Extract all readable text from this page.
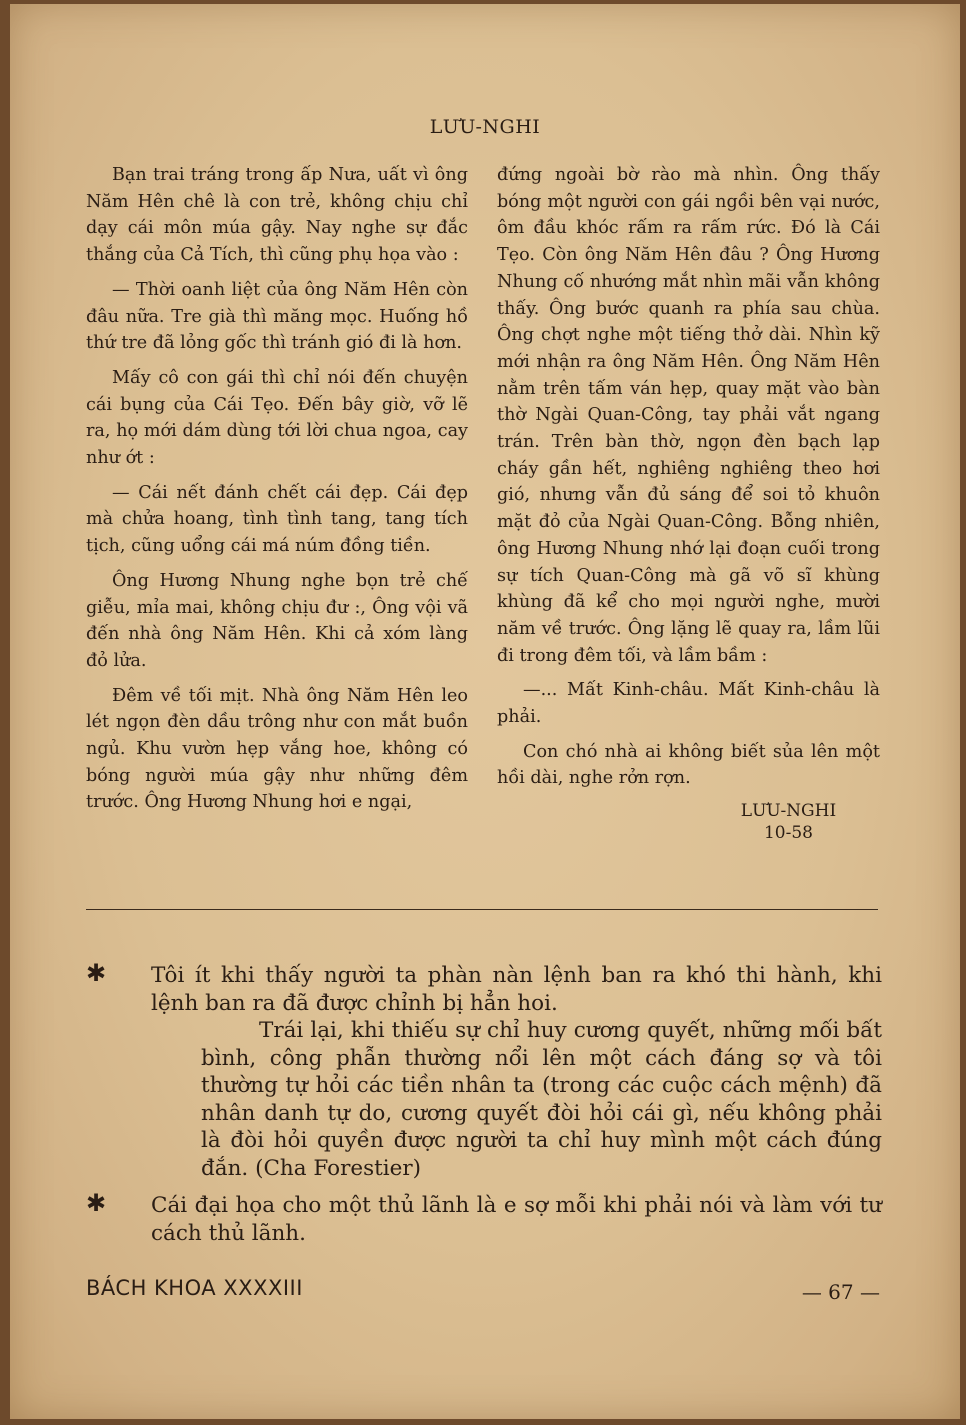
LƯU-NGHI

Bạn trai tráng trong ấp Nưa, uất vì ông Năm Hên chê là con trẻ, không chịu chỉ dạy cái môn múa gậy. Nay nghe sự đắc thắng của Cả Tích, thì cũng phụ họa vào :

— Thời oanh liệt của ông Năm Hên còn đâu nữa. Tre già thì măng mọc. Huống hồ thứ tre đã lỏng gốc thì tránh gió đi là hơn.

Mấy cô con gái thì chỉ nói đến chuyện cái bụng của Cái Tẹo. Đến bây giờ, vỡ lẽ ra, họ mới dám dùng tới lời chua ngoa, cay như ớt :

— Cái nết đánh chết cái đẹp. Cái đẹp mà chửa hoang, tình tình tang, tang tích tịch, cũng uổng cái má núm đồng tiền.

Ông Hương Nhung nghe bọn trẻ chế giễu, mỉa mai, không chịu đư :, Ông vội vã đến nhà ông Năm Hên. Khi cả xóm làng đỏ lửa.

Đêm về tối mịt. Nhà ông Năm Hên leo lét ngọn đèn dầu trông như con mắt buồn ngủ. Khu vườn hẹp vắng hoe, không có bóng người múa gậy như những đêm trước. Ông Hương Nhung hơi e ngại,

đứng ngoài bờ rào mà nhìn. Ông thấy bóng một người con gái ngồi bên vại nước, ôm đầu khóc rấm ra rấm rức. Đó là Cái Tẹo. Còn ông Năm Hên đâu ? Ông Hương Nhung cố nhướng mắt nhìn mãi vẫn không thấy. Ông bước quanh ra phía sau chùa. Ông chợt nghe một tiếng thở dài. Nhìn kỹ mới nhận ra ông Năm Hên. Ông Năm Hên nằm trên tấm ván hẹp, quay mặt vào bàn thờ Ngài Quan-Công, tay phải vắt ngang trán. Trên bàn thờ, ngọn đèn bạch lạp cháy gần hết, nghiêng nghiêng theo hơi gió, nhưng vẫn đủ sáng để soi tỏ khuôn mặt đỏ của Ngài Quan-Công. Bỗng nhiên, ông Hương Nhung nhớ lại đoạn cuối trong sự tích Quan-Công mà gã võ sĩ khùng khùng đã kể cho mọi người nghe, mười năm về trước. Ông lặng lẽ quay ra, lầm lũi đi trong đêm tối, và lầm bầm :

—... Mất Kinh-châu. Mất Kinh-châu là phải.

Con chó nhà ai không biết sủa lên một hồi dài, nghe rởn rợn.

LƯU-NGHI
10-58
✱ Tôi ít khi thấy người ta phàn nàn lệnh ban ra khó thi hành, khi lệnh ban ra đã được chỉnh bị hẳn hoi.
Trái lại, khi thiếu sự chỉ huy cương quyết, những mối bất bình, công phẫn thường nổi lên một cách đáng sợ và tôi thường tự hỏi các tiền nhân ta (trong các cuộc cách mệnh) đã nhân danh tự do, cương quyết đòi hỏi cái gì, nếu không phải là đòi hỏi quyền được người ta chỉ huy mình một cách đúng đắn. (Cha Forestier)
✱ Cái đại họa cho một thủ lãnh là e sợ mỗi khi phải nói và làm với tư cách thủ lãnh.
BÁCH KHOA XXXXIII	— 67 —
